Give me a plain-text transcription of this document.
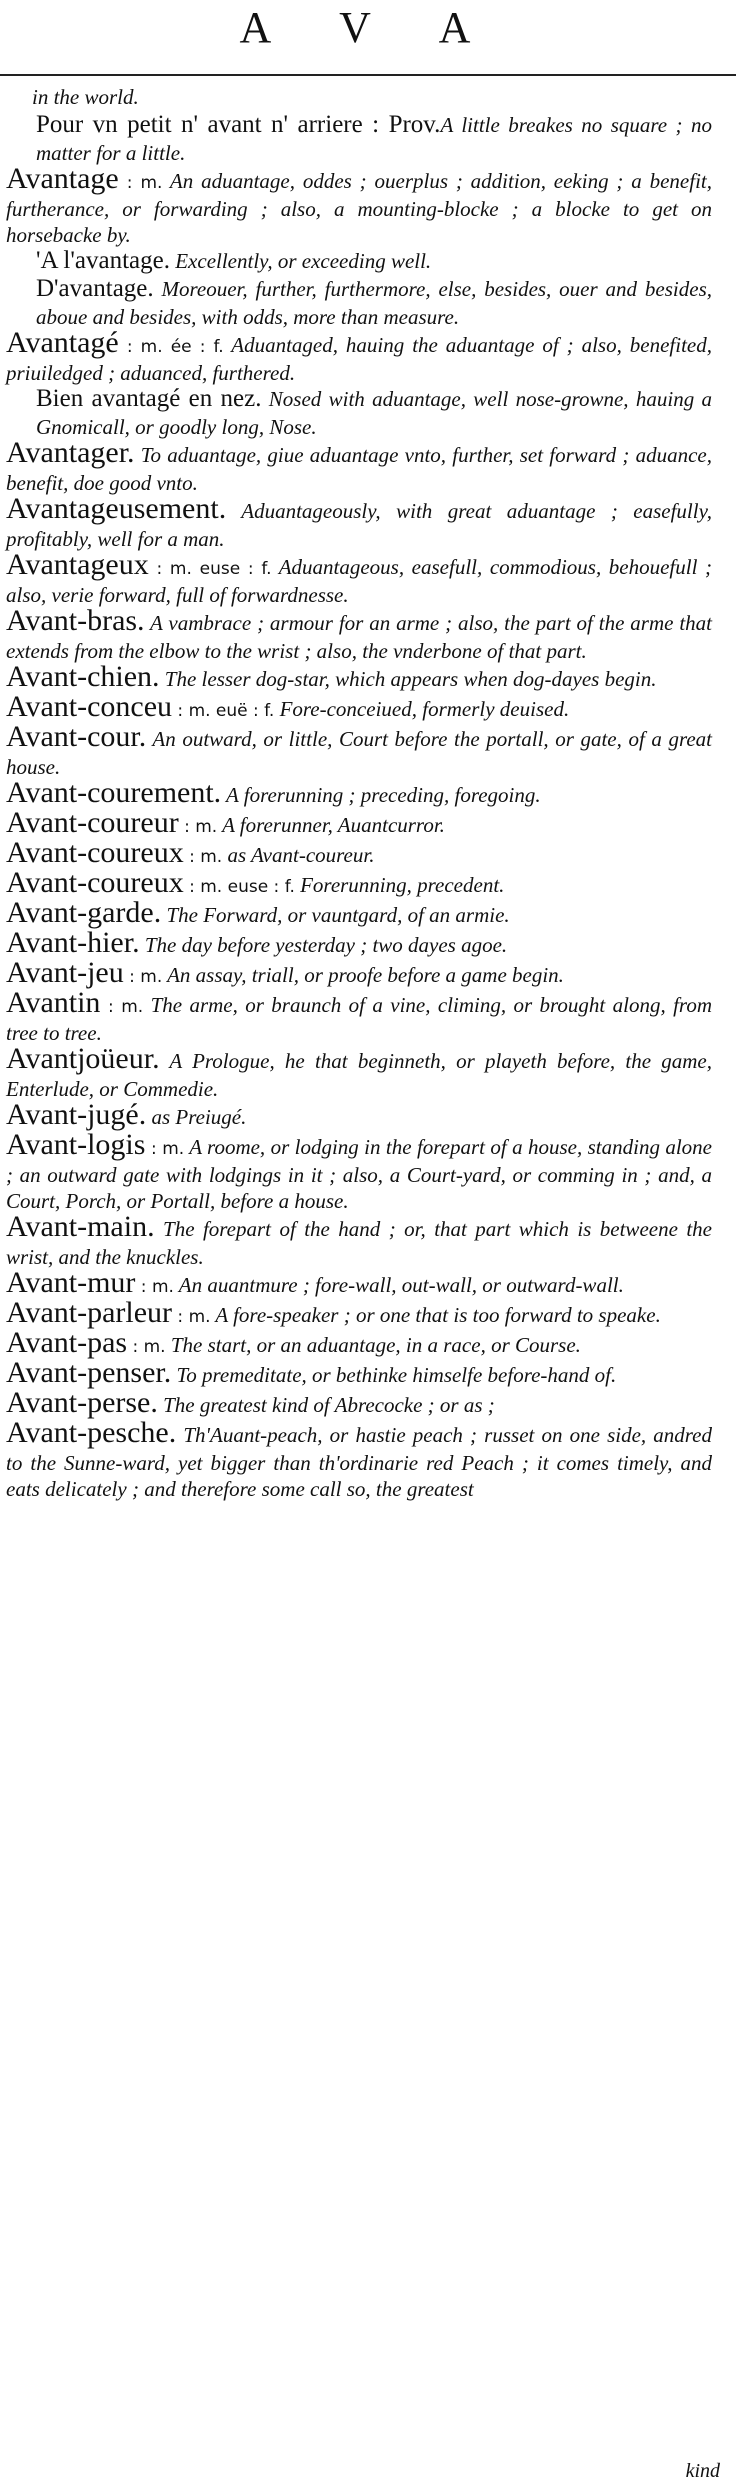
A V A

in the world.

Pour vn petit n' avant n' arriere : Prov.A little breakes no square ; no matter for a little.

Avantage : m. An aduantage, oddes ; ouerplus ; addition, eeking ; a benefit, furtherance, or forwarding ; also, a mounting-blocke ; a blocke to get on horsebacke by.

'A l'avantage. Excellently, or exceeding well.

D'avantage. Moreouer, further, furthermore, else, besides, ouer and besides, aboue and besides, with odds, more than measure.

Avantagé : m. ée : f. Aduantaged, hauing the aduantage of ; also, benefited, priuiledged ; aduanced, furthered.

Bien avantagé en nez. Nosed with aduantage, well nose-growne, hauing a Gnomicall, or goodly long, Nose.

Avantager. To aduantage, giue aduantage vnto, further, set forward ; aduance, benefit, doe good vnto.

Avantageusement. Aduantageously, with great aduantage ; easefully, profitably, well for a man.

Avantageux : m. euse : f. Aduantageous, easefull, commodious, behouefull ; also, verie forward, full of forwardnesse.

Avant-bras. A vambrace ; armour for an arme ; also, the part of the arme that extends from the elbow to the wrist ; also, the vnderbone of that part.

Avant-chien. The lesser dog-star, which appears when dog-dayes begin.

Avant-conceu : m. euë : f. Fore-conceiued, formerly deuised.

Avant-cour. An outward, or little, Court before the portall, or gate, of a great house.

Avant-courement. A forerunning ; preceding, foregoing.

Avant-coureur : m. A forerunner, Auantcurror.

Avant-coureux : m. as Avant-coureur.

Avant-coureux : m. euse : f. Forerunning, precedent.

Avant-garde. The Forward, or vauntgard, of an armie.

Avant-hier. The day before yesterday ; two dayes agoe.

Avant-jeu : m. An assay, triall, or proofe before a game begin.

Avantin : m. The arme, or braunch of a vine, climing, or brought along, from tree to tree.

Avantjoüeur. A Prologue, he that beginneth, or playeth before, the game, Enterlude, or Commedie.

Avant-jugé. as Preiugé.

Avant-logis : m. A roome, or lodging in the forepart of a house, standing alone ; an outward gate with lodgings in it ; also, a Court-yard, or comming in ; and, a Court, Porch, or Portall, before a house.

Avant-main. The forepart of the hand ; or, that part which is betweene the wrist, and the knuckles.

Avant-mur : m. An auantmure ; fore-wall, out-wall, or outward-wall.

Avant-parleur : m. A fore-speaker ; or one that is too forward to speake.

Avant-pas : m. The start, or an aduantage, in a race, or Course.

Avant-penser. To premeditate, or bethinke himselfe before-hand of.

Avant-perse. The greatest kind of Abrecocke ; or as ;

Avant-pesche. Th'Auant-peach, or hastie peach ; russet on one side, andred to the Sunne-ward, yet bigger than th'ordinarie red Peach ; it comes timely, and eats delicately ; and therefore some call so, the greatest

kind
